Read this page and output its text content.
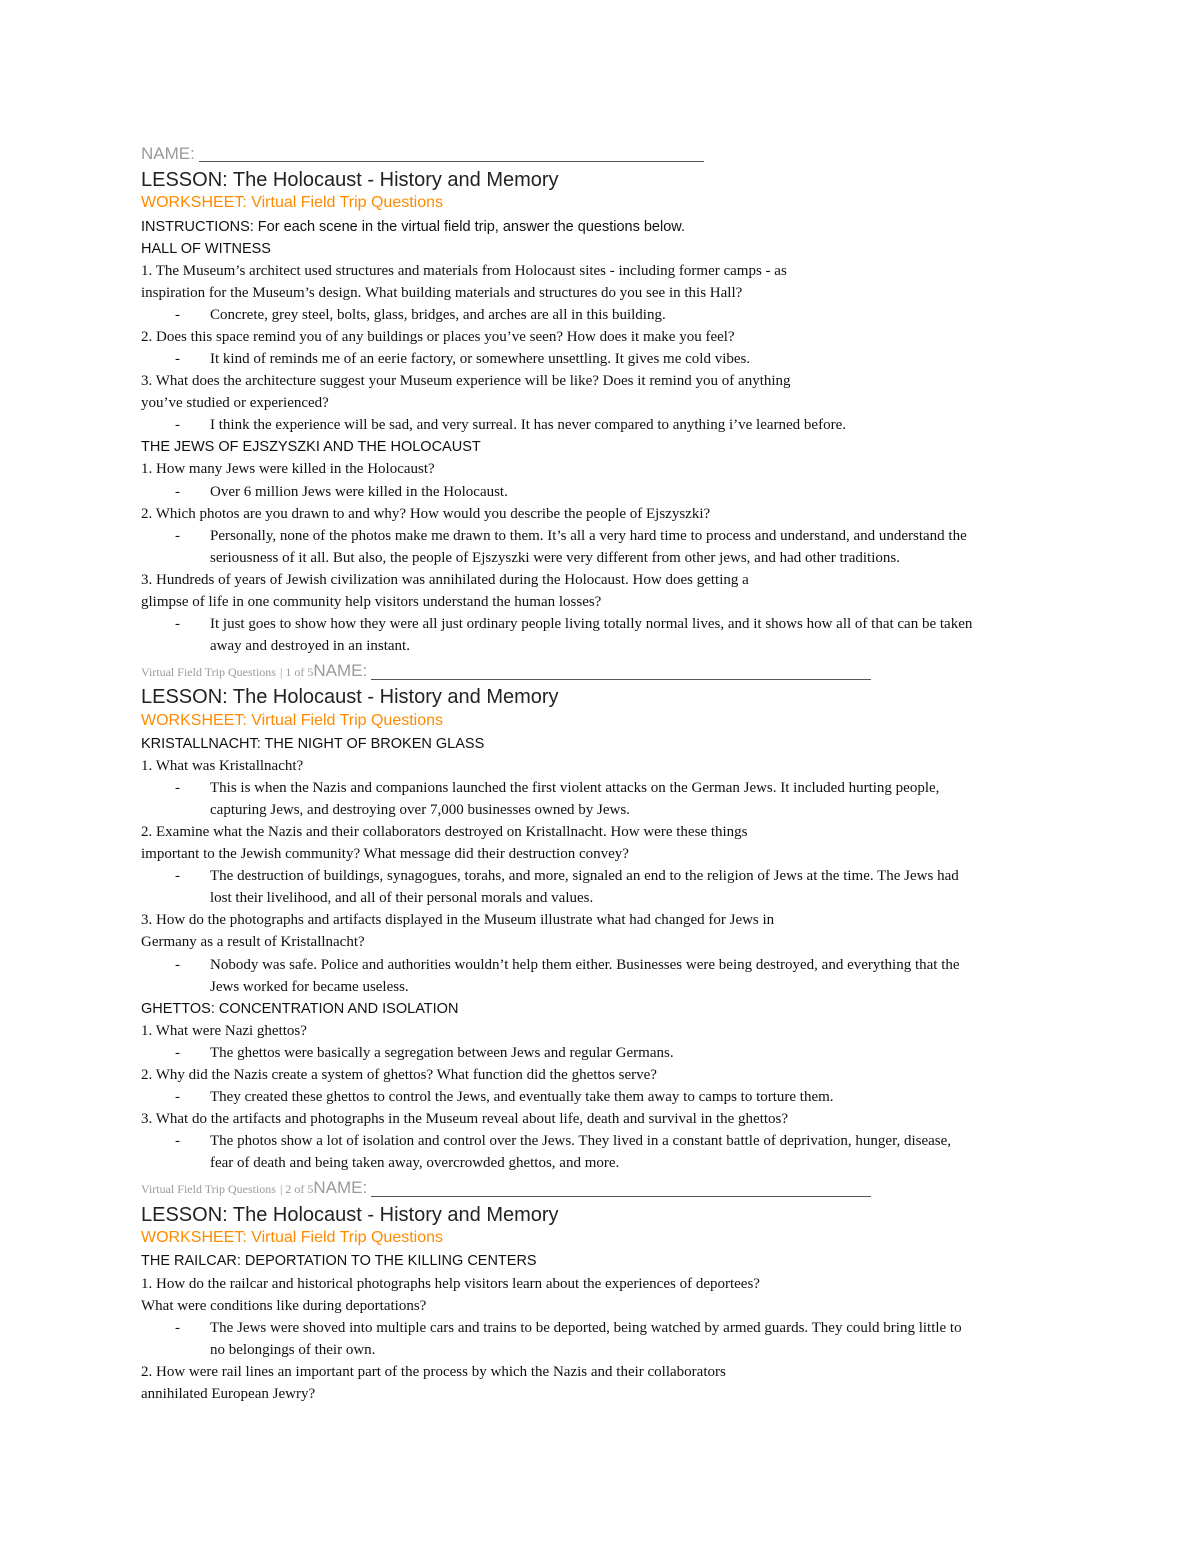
NAME:
LESSON: The Holocaust - History and Memory
WORKSHEET: Virtual Field Trip Questions
INSTRUCTIONS: For each scene in the virtual field trip, answer the questions below.
HALL OF WITNESS
1. The Museum’s architect used structures and materials from Holocaust sites - including former camps - as
inspiration for the Museum’s design. What building materials and structures do you see in this Hall?
- Concrete, grey steel, bolts, glass, bridges, and arches are all in this building.
2. Does this space remind you of any buildings or places you’ve seen? How does it make you feel?
- It kind of reminds me of an eerie factory, or somewhere unsettling. It gives me cold vibes.
3. What does the architecture suggest your Museum experience will be like? Does it remind you of anything
you’ve studied or experienced?
- I think the experience will be sad, and very surreal. It has never compared to anything i’ve learned before.
THE JEWS OF EJSZYSZKI AND THE HOLOCAUST
1. How many Jews were killed in the Holocaust?
- Over 6 million Jews were killed in the Holocaust.
2. Which photos are you drawn to and why? How would you describe the people of Ejszyszki?
- Personally, none of the photos make me drawn to them. It’s all a very hard time to process and understand, and understand the
seriousness of it all. But also, the people of Ejszyszki were very different from other jews, and had other traditions.
3. Hundreds of years of Jewish civilization was annihilated during the Holocaust. How does getting a
glimpse of life in one community help visitors understand the human losses?
- It just goes to show how they were all just ordinary people living totally normal lives, and it shows how all of that can be taken
away and destroyed in an instant.
Virtual Field Trip Questions | 1 of 5NAME:
LESSON: The Holocaust - History and Memory
WORKSHEET: Virtual Field Trip Questions
KRISTALLNACHT: THE NIGHT OF BROKEN GLASS
1. What was Kristallnacht?
- This is when the Nazis and companions launched the first violent attacks on the German Jews. It included hurting people,
capturing Jews, and destroying over 7,000 businesses owned by Jews.
2. Examine what the Nazis and their collaborators destroyed on Kristallnacht. How were these things
important to the Jewish community? What message did their destruction convey?
- The destruction of buildings, synagogues, torahs, and more, signaled an end to the religion of Jews at the time. The Jews had
lost their livelihood, and all of their personal morals and values.
3. How do the photographs and artifacts displayed in the Museum illustrate what had changed for Jews in
Germany as a result of Kristallnacht?
- Nobody was safe. Police and authorities wouldn’t help them either. Businesses were being destroyed, and everything that the
Jews worked for became useless.
GHETTOS: CONCENTRATION AND ISOLATION
1. What were Nazi ghettos?
- The ghettos were basically a segregation between Jews and regular Germans.
2. Why did the Nazis create a system of ghettos? What function did the ghettos serve?
- They created these ghettos to control the Jews, and eventually take them away to camps to torture them.
3. What do the artifacts and photographs in the Museum reveal about life, death and survival in the ghettos?
- The photos show a lot of isolation and control over the Jews. They lived in a constant battle of deprivation, hunger, disease,
fear of death and being taken away, overcrowded ghettos, and more.
Virtual Field Trip Questions | 2 of 5NAME:
LESSON: The Holocaust - History and Memory
WORKSHEET: Virtual Field Trip Questions
THE RAILCAR: DEPORTATION TO THE KILLING CENTERS
1. How do the railcar and historical photographs help visitors learn about the experiences of deportees?
What were conditions like during deportations?
- The Jews were shoved into multiple cars and trains to be deported, being watched by armed guards. They could bring little to
no belongings of their own.
2. How were rail lines an important part of the process by which the Nazis and their collaborators
annihilated European Jewry?
